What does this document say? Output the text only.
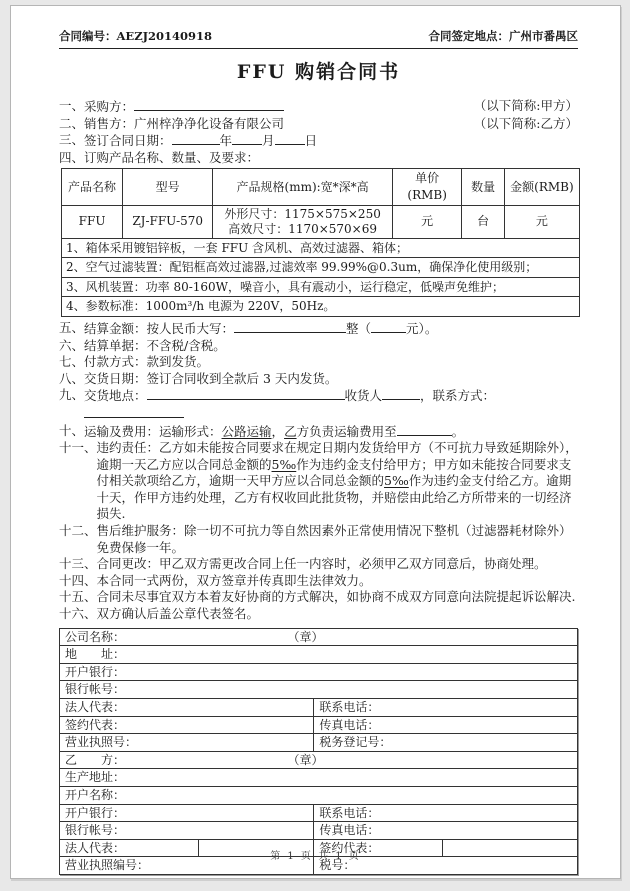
合同编号：AEZJ20140918	合同签定地点：广州市番禺区
FFU 购销合同书
一、 采购方：	（以下简称:甲方）
二、 销售方：广州梓净净化设备有限公司	（以下简称:乙方）
三、 签订合同日期：	年 月 日
四、 订购产品名称、数量、及要求：
产品名称	型号	产品规格(mm):宽*深*高	单价(RMB)	数量	金额(RMB)
FFU	ZJ-FFU-570	外形尺寸：1175×575×250
高效尺寸：1170×570×69	元	台	元
1、箱体采用镀铝锌板，一套 FFU 含风机、高效过滤器、箱体；					
2、空气过滤装置：配铝框高效过滤器,过滤效率 99.99%@0.3um，确保净化使用级别；					
3、风机装置：功率 80-160W，噪音小，具有震动小，运行稳定，低噪声免维护；					
4、参数标准：1000m³/h 电源为 220V，50Hz。					
五、 结算金额：按人民币大写：	整（	元）。
六、 结算单据：不含税/含税。
七、 付款方式：款到发货。
八、 交货日期：签订合同收到全款后 3 天内发货。
九、 交货地点：	收货人	，联系方式：
十、 运输及费用：运输形式：公路运输，乙方负责运输费用至	。
十一、 违约责任：乙方如未能按合同要求在规定日期内发货给甲方（不可抗力导致延期除外），逾期一天乙方应以合同总金额的5‰作为违约金支付给甲方；甲方如未能按合同要求支付相关款项给乙方，逾期一天甲方应以合同总金额的5‰作为违约金支付给乙方。逾期十天，作甲方违约处理，乙方有权收回此批货物，并赔偿由此给乙方所带来的一切经济损失.
十二、 售后维护服务：除一切不可抗力等自然因素外正常使用情况下整机（过滤器耗材除外）免费保修一年。
十三、 合同更改：甲乙双方需更改合同上任一内容时，必须甲乙双方同意后，协商处理。
十四、 本合同一式两份，双方签章并传真即生法律效力。
十五、 合同未尽事宜双方本着友好协商的方式解决，如协商不成双方同意向法院提起诉讼解决.
十六、 双方确认后盖公章代表签名。
公司名称：	（章）
地　　址：
开户银行：
银行帐号：
法人代表：	联系电话：
签约代表：	传真电话：
营业执照号：	税务登记号：
乙　　方：	（章）
生产地址：
开户名称：
开户银行：	联系电话：
银行帐号：	传真电话：
法人代表：	签约代表：
营业执照编号：	税号：
第 1 页 共 1 页
